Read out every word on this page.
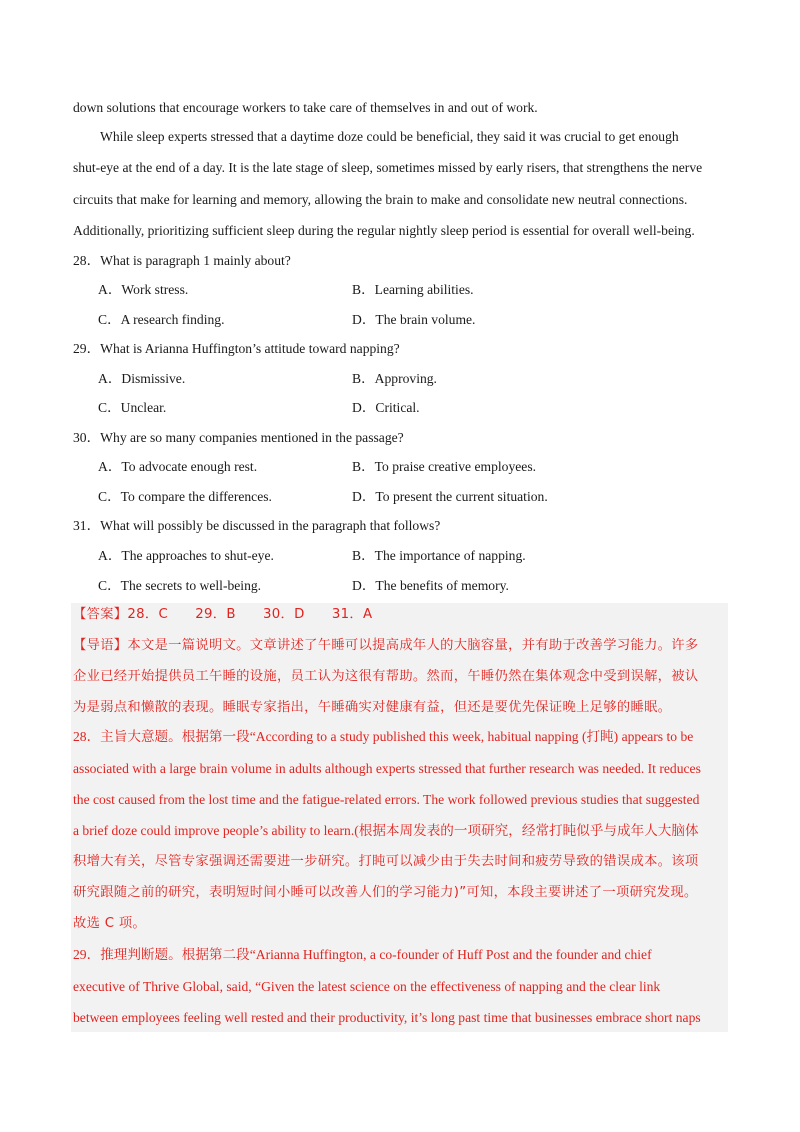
down solutions that encourage workers to take care of themselves in and out of work.
While sleep experts stressed that a daytime doze could be beneficial, they said it was crucial to get enough
shut-eye at the end of a day. It is the late stage of sleep, sometimes missed by early risers, that strengthens the nerve
circuits that make for learning and memory, allowing the brain to make and consolidate new neutral connections.
Additionally, prioritizing sufficient sleep during the regular nightly sleep period is essential for overall well-being.
28．What is paragraph 1 mainly about?
A．Work stress.	B．Learning abilities.
C．A research finding.	D．The brain volume.
29．What is Arianna Huffington’s attitude toward napping?
A．Dismissive.	B．Approving.
C．Unclear.	D．Critical.
30．Why are so many companies mentioned in the passage?
A．To advocate enough rest.	B．To praise creative employees.
C．To compare the differences.	D．To present the current situation.
31．What will possibly be discussed in the paragraph that follows?
A．The approaches to shut-eye.	B．The importance of napping.
C．The secrets to well-being.	D．The benefits of memory.
【答案】28．C　　29．B　　30．D　　31．A
【导语】本文是一篇说明文。文章讲述了午睡可以提高成年人的大脑容量，并有助于改善学习能力。许多
企业已经开始提供员工午睡的设施，员工认为这很有帮助。然而，午睡仍然在集体观念中受到误解，被认
为是弱点和懒散的表现。睡眠专家指出，午睡确实对健康有益，但还是要优先保证晚上足够的睡眠。
28．主旨大意题。根据第一段“According to a study published this week, habitual napping (打盹) appears to be
associated with a large brain volume in adults although experts stressed that further research was needed. It reduces
the cost caused from the lost time and the fatigue-related errors. The work followed previous studies that suggested
a brief doze could improve people’s ability to learn.(根据本周发表的一项研究，经常打盹似乎与成年人大脑体
积增大有关，尽管专家强调还需要进一步研究。打盹可以减少由于失去时间和疲劳导致的错误成本。该项
研究跟随之前的研究，表明短时间小睡可以改善人们的学习能力)”可知，本段主要讲述了一项研究发现。
故选 C 项。
29．推理判断题。根据第二段“Arianna Huffington, a co-founder of Huff Post and the founder and chief
executive of Thrive Global, said, “Given the latest science on the effectiveness of napping and the clear link
between employees feeling well rested and their productivity, it’s long past time that businesses embrace short naps
